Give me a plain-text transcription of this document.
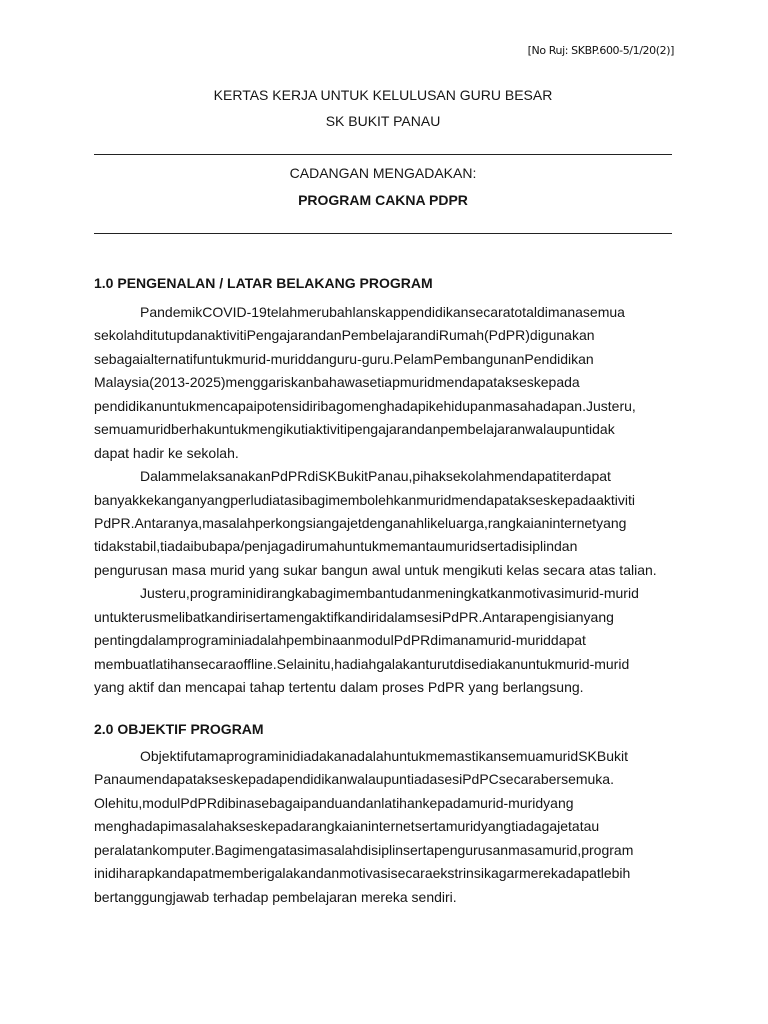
[No Ruj: SKBP.600-5/1/20(2)]
KERTAS KERJA UNTUK KELULUSAN GURU BESAR
SK BUKIT PANAU
CADANGAN MENGADAKAN:
PROGRAM CAKNA PDPR
1.0 PENGENALAN / LATAR BELAKANG PROGRAM
Pandemik COVID-19 telah merubah lanskap pendidikan secara total di mana semua
sekolah ditutup dan aktiviti Pengajaran dan Pembelajaran di Rumah (PdPR) digunakan
sebagai alternatif untuk murid-murid dan guru-guru. Pelam Pembangunan Pendidikan
Malaysia (2013-2025) menggariskan bahawa setiap murid mendapat akses kepada
pendidikan untuk mencapai potensi diri bago menghadapi kehidupan masa hadapan. Justeru,
semua murid berhak untuk mengikuti aktiviti pengajaran dan pembelajaran walaupun tidak
dapat hadir ke sekolah.
Dalam melaksanakan PdPR di SK Bukit Panau, pihak sekolah mendapati terdapat
banyak kekangan yang perlu diatasi bagi membolehkan murid mendapat akses kepada aktiviti
PdPR. Antaranya, masalah perkongsian gajet dengan ahli keluarga, rangkaian internet yang
tidak stabil, tiada ibubapa/penjaga di rumah untuk memantau murid serta disiplin dan
pengurusan masa murid yang sukar bangun awal untuk mengikuti kelas secara atas talian.
Justeru, program ini dirangka bagi membantu dan meningkatkan motivasi murid-murid
untuk terus melibatkan diri serta mengaktifkan diri dalam sesi PdPR. Antara pengisian yang
penting dalam program ini adalah pembinaan modul PdPR di mana murid-murid dapat
membuat latihan secara offline. Selain itu, hadiah galakan turut disediakan untuk murid-murid
yang aktif dan mencapai tahap tertentu dalam proses PdPR yang berlangsung.
2.0 OBJEKTIF PROGRAM
Objektif utama program ini diadakan adalah untuk memastikan semua murid SK Bukit
Panau mendapat akses kepada pendidikan walaupun tiada sesi PdPC secara bersemuka.
Oleh itu, modul PdPR dibina sebagai panduan dan latihan kepada murid-murid yang
menghadapi masalah akses kepada rangkaian internet serta murid yang tiada gajet atau
peralatan komputer . Bagi mengatasi masalah disiplin serta pengurusan masa murid, program
ini diharapkan dapat memberi galakan dan motivasi secara ekstrinsik agar mereka dapat lebih
bertanggungjawab terhadap pembelajaran mereka sendiri.
